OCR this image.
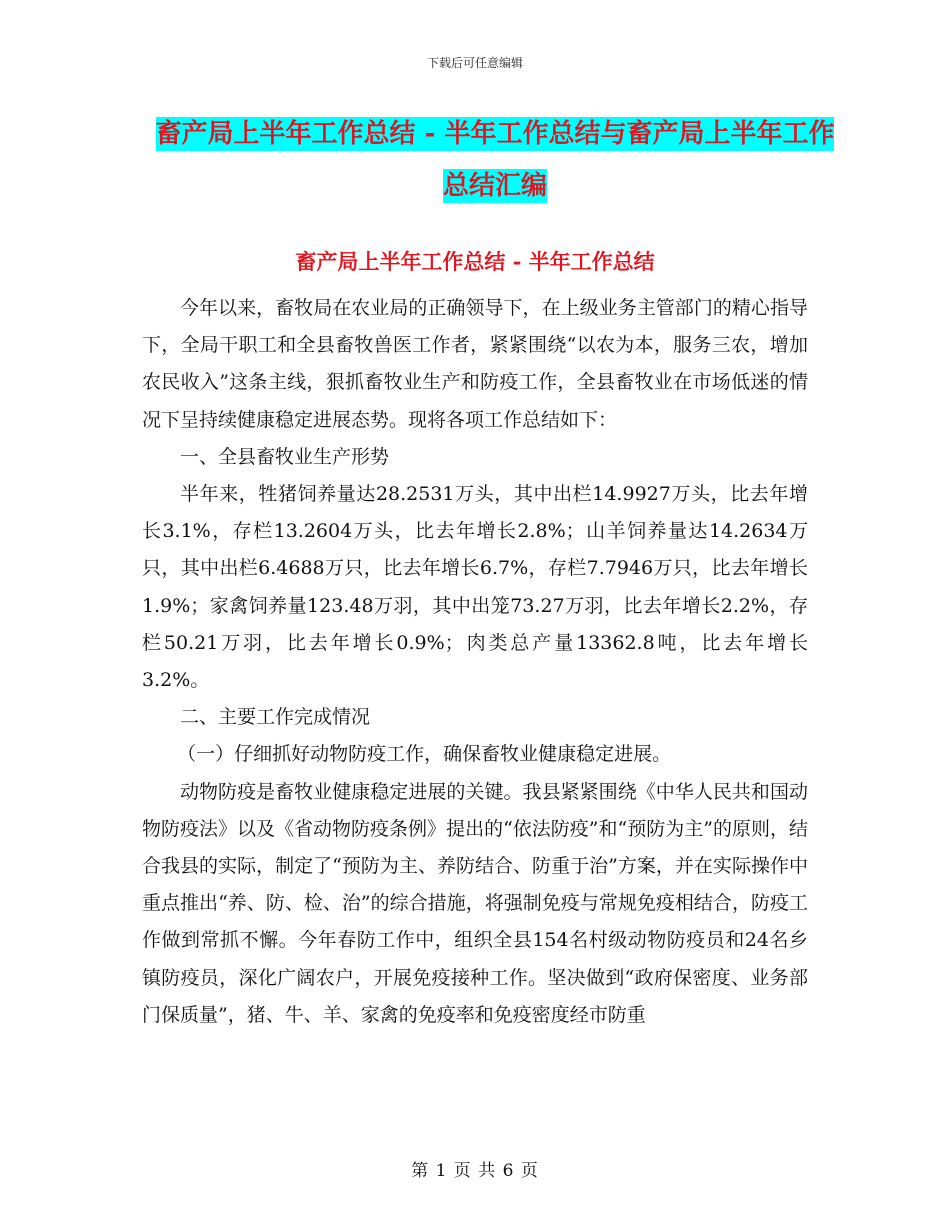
下载后可任意编辑
畜产局上半年工作总结 - 半年工作总结与畜产局上半年工作总结汇编
畜产局上半年工作总结 - 半年工作总结

今年以来，畜牧局在农业局的正确领导下，在上级业务主管部门的精心指导下，全局干职工和全县畜牧兽医工作者，紧紧围绕“以农为本，服务三农，增加农民收入”这条主线，狠抓畜牧业生产和防疫工作，全县畜牧业在市场低迷的情况下呈持续健康稳定进展态势。现将各项工作总结如下：

一、全县畜牧业生产形势

半年来，牲猪饲养量达28.2531万头，其中出栏14.9927万头，比去年增长3.1%，存栏13.2604万头，比去年增长2.8%；山羊饲养量达14.2634万只，其中出栏6.4688万只，比去年增长6.7%，存栏7.7946万只，比去年增长1.9%；家禽饲养量123.48万羽，其中出笼73.27万羽，比去年增长2.2%，存栏50.21万羽，比去年增长0.9%；肉类总产量13362.8吨，比去年增长3.2%。

二、主要工作完成情况

（一）仔细抓好动物防疫工作，确保畜牧业健康稳定进展。

动物防疫是畜牧业健康稳定进展的关键。我县紧紧围绕《中华人民共和国动物防疫法》以及《省动物防疫条例》提出的“依法防疫”和“预防为主”的原则，结合我县的实际，制定了“预防为主、养防结合、防重于治”方案，并在实际操作中重点推出“养、防、检、治”的综合措施，将强制免疫与常规免疫相结合，防疫工作做到常抓不懈。今年春防工作中，组织全县154名村级动物防疫员和24名乡镇防疫员，深化广阔农户，开展免疫接种工作。坚决做到“政府保密度、业务部门保质量”，猪、牛、羊、家禽的免疫率和免疫密度经市防重

第 1 页 共 6 页
